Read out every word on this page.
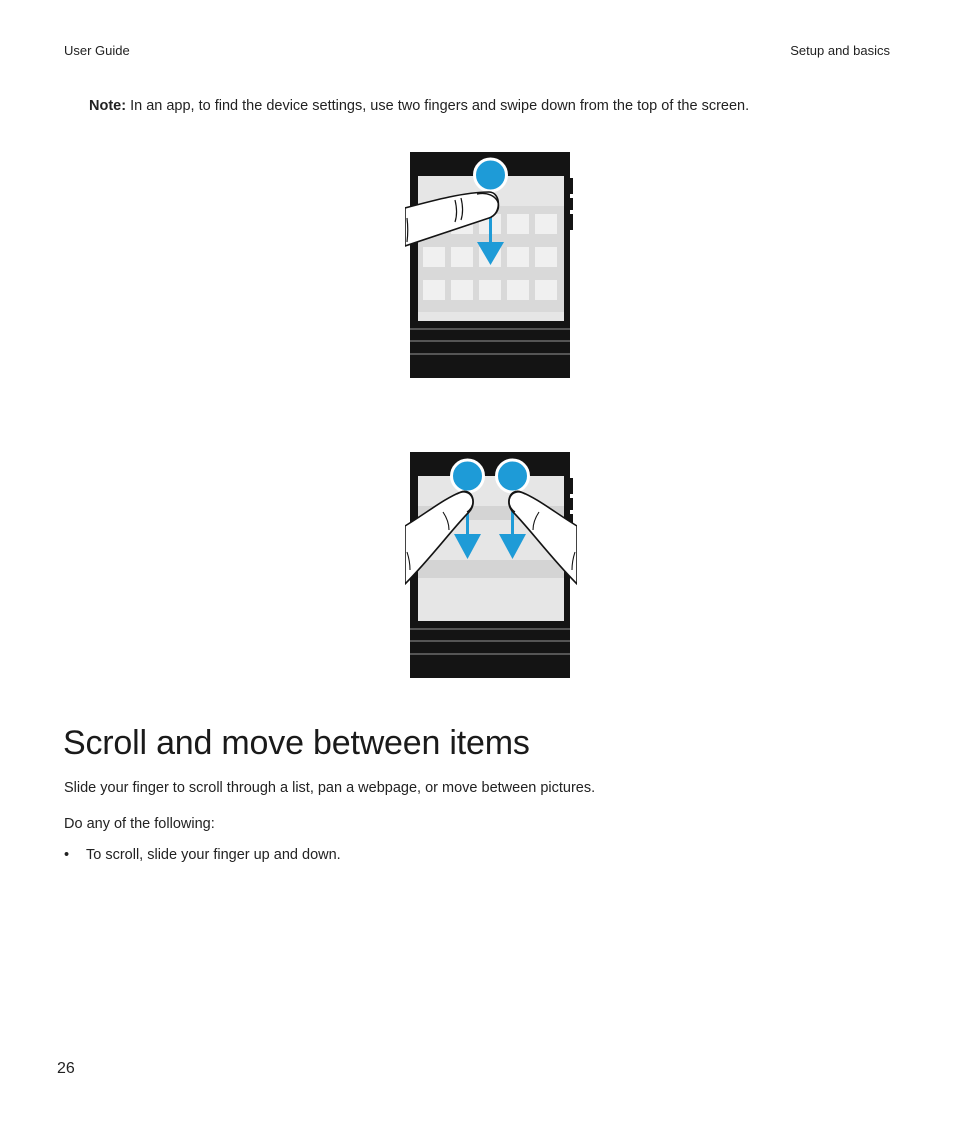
User Guide	Setup and basics
Note: In an app, to find the device settings, use two fingers and swipe down from the top of the screen.
Scroll and move between items

Slide your finger to scroll through a list, pan a webpage, or move between pictures.

Do any of the following:

• To scroll, slide your finger up and down.
26
